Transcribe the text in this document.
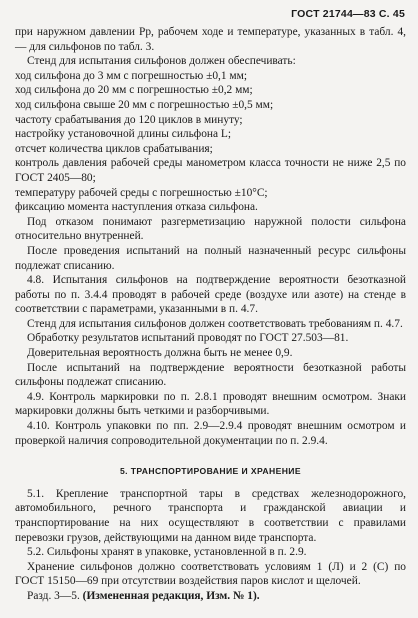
ГОСТ 21744—83 С. 45

при наружном давлении Pр, рабочем ходе и температуре, указанных в табл. 4, — для сильфонов по табл. 3.

Стенд для испытания сильфонов должен обеспечивать:

ход сильфона до 3 мм с погрешностью ±0,1 мм;

ход сильфона до 20 мм с погрешностью ±0,2 мм;

ход сильфона свыше 20 мм с погрешностью ±0,5 мм;

частоту срабатывания до 120 циклов в минуту;

настройку установочной длины сильфона L;

отсчет количества циклов срабатывания;

контроль давления рабочей среды манометром класса точности не ниже 2,5 по ГОСТ 2405—80;

температуру рабочей среды с погрешностью ±10°С;

фиксацию момента наступления отказа сильфона.

Под отказом понимают разгерметизацию наружной полости сильфона относительно внутренней.

После проведения испытаний на полный назначенный ресурс сильфоны подлежат списанию.

4.8. Испытания сильфонов на подтверждение вероятности безотказной работы по п. 3.4.4 проводят в рабочей среде (воздухе или азоте) на стенде в соответствии с параметрами, указанными в п. 4.7.

Стенд для испытания сильфонов должен соответствовать требованиям п. 4.7.

Обработку результатов испытаний проводят по ГОСТ 27.503—81.

Доверительная вероятность должна быть не менее 0,9.

После испытаний на подтверждение вероятности безотказной работы сильфоны подлежат списанию.

4.9. Контроль маркировки по п. 2.8.1 проводят внешним осмотром. Знаки маркировки должны быть четкими и разборчивыми.

4.10. Контроль упаковки по пп. 2.9—2.9.4 проводят внешним осмотром и проверкой наличия сопроводительной документации по п. 2.9.4.

5. ТРАНСПОРТИРОВАНИЕ И ХРАНЕНИЕ

5.1. Крепление транспортной тары в средствах железнодорожного, автомобильного, речного транспорта и гражданской авиации и транспортирование на них осуществляют в соответствии с правилами перевозки грузов, действующими на данном виде транспорта.

5.2. Сильфоны хранят в упаковке, установленной в п. 2.9.

Хранение сильфонов должно соответствовать условиям 1 (Л) и 2 (С) по ГОСТ 15150—69 при отсутствии воздействия паров кислот и щелочей.

Разд. 3—5. (Измененная редакция, Изм. № 1).
